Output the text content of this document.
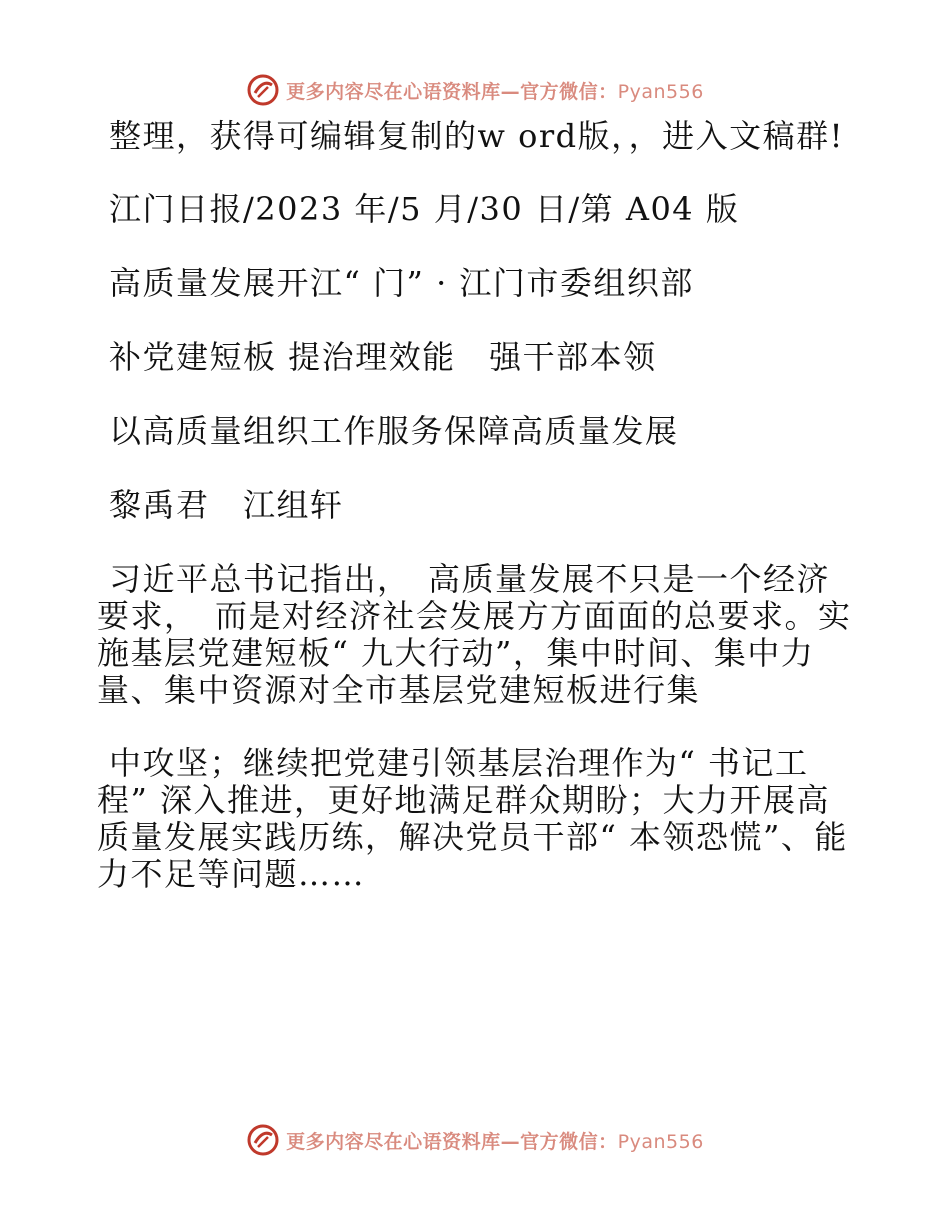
更多内容尽在心语资料库—官方微信：Pyan556

整理，获得可编辑复制的w ord版，，进入文稿群!

江门日报/2023 年/5 月/30 日/第 A04 版

高质量发展开江“ 门” · 江门市委组织部

补党建短板 提治理效能　强干部本领

以高质量组织工作服务保障高质量发展

黎禹君　江组轩

习近平总书记指出，　高质量发展不只是一个经济要求，　而是对经济社会发展方方面面的总要求。实施基层党建短板“ 九大行动”，集中时间、集中力量、集中资源对全市基层党建短板进行集

中攻坚；继续把党建引领基层治理作为“ 书记工程” 深入推进，更好地满足群众期盼；大力开展高质量发展实践历练，解决党员干部“ 本领恐慌”、能力不足等问题……

更多内容尽在心语资料库—官方微信：Pyan556
